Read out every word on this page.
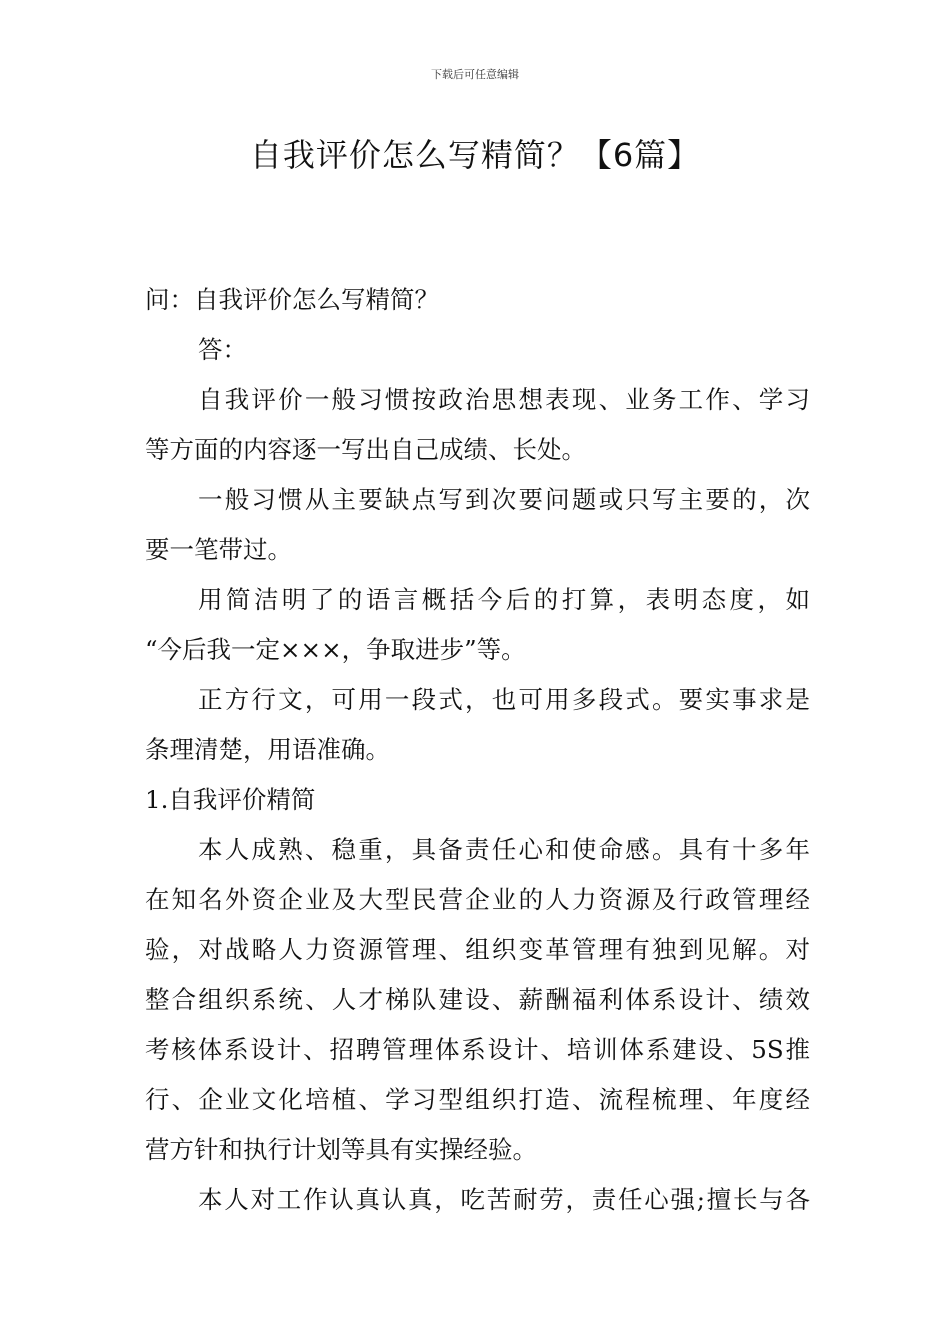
下载后可任意编辑
自我评价怎么写精简？【6篇】
问：自我评价怎么写精简？
答：
自我评价一般习惯按政治思想表现、业务工作、学习
等方面的内容逐一写出自己成绩、长处。
一般习惯从主要缺点写到次要问题或只写主要的，次
要一笔带过。
用简洁明了的语言概括今后的打算，表明态度，如
“今后我一定×××，争取进步”等。
正方行文，可用一段式，也可用多段式。要实事求是
条理清楚，用语准确。
1.自我评价精简
本人成熟、稳重，具备责任心和使命感。具有十多年
在知名外资企业及大型民营企业的人力资源及行政管理经
验，对战略人力资源管理、组织变革管理有独到见解。对
整合组织系统、人才梯队建设、薪酬福利体系设计、绩效
考核体系设计、招聘管理体系设计、培训体系建设、5S推
行、企业文化培植、学习型组织打造、流程梳理、年度经
营方针和执行计划等具有实操经验。
本人对工作认真认真，吃苦耐劳，责任心强;擅长与各
